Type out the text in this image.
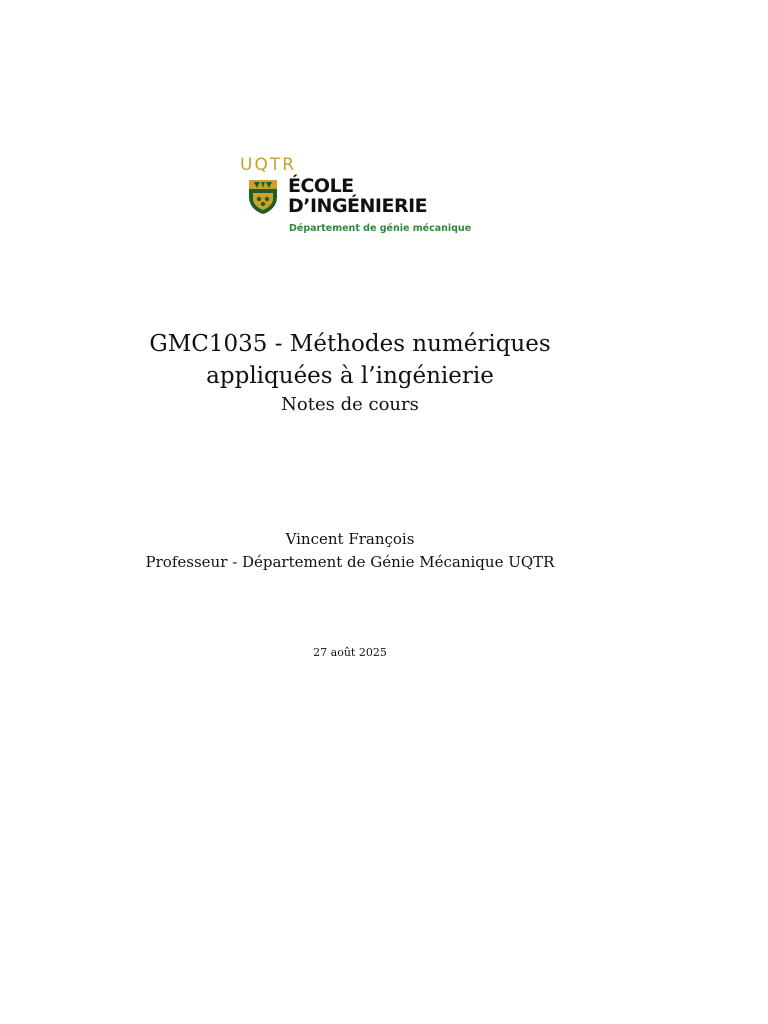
UQTR
ÉCOLE
D’INGÉNIERIE
Département de génie mécanique
GMC1035 - Méthodes numériques
appliquées à l’ingénierie
Notes de cours
Vincent François
Professeur - Département de Génie Mécanique UQTR
27 août 2025
